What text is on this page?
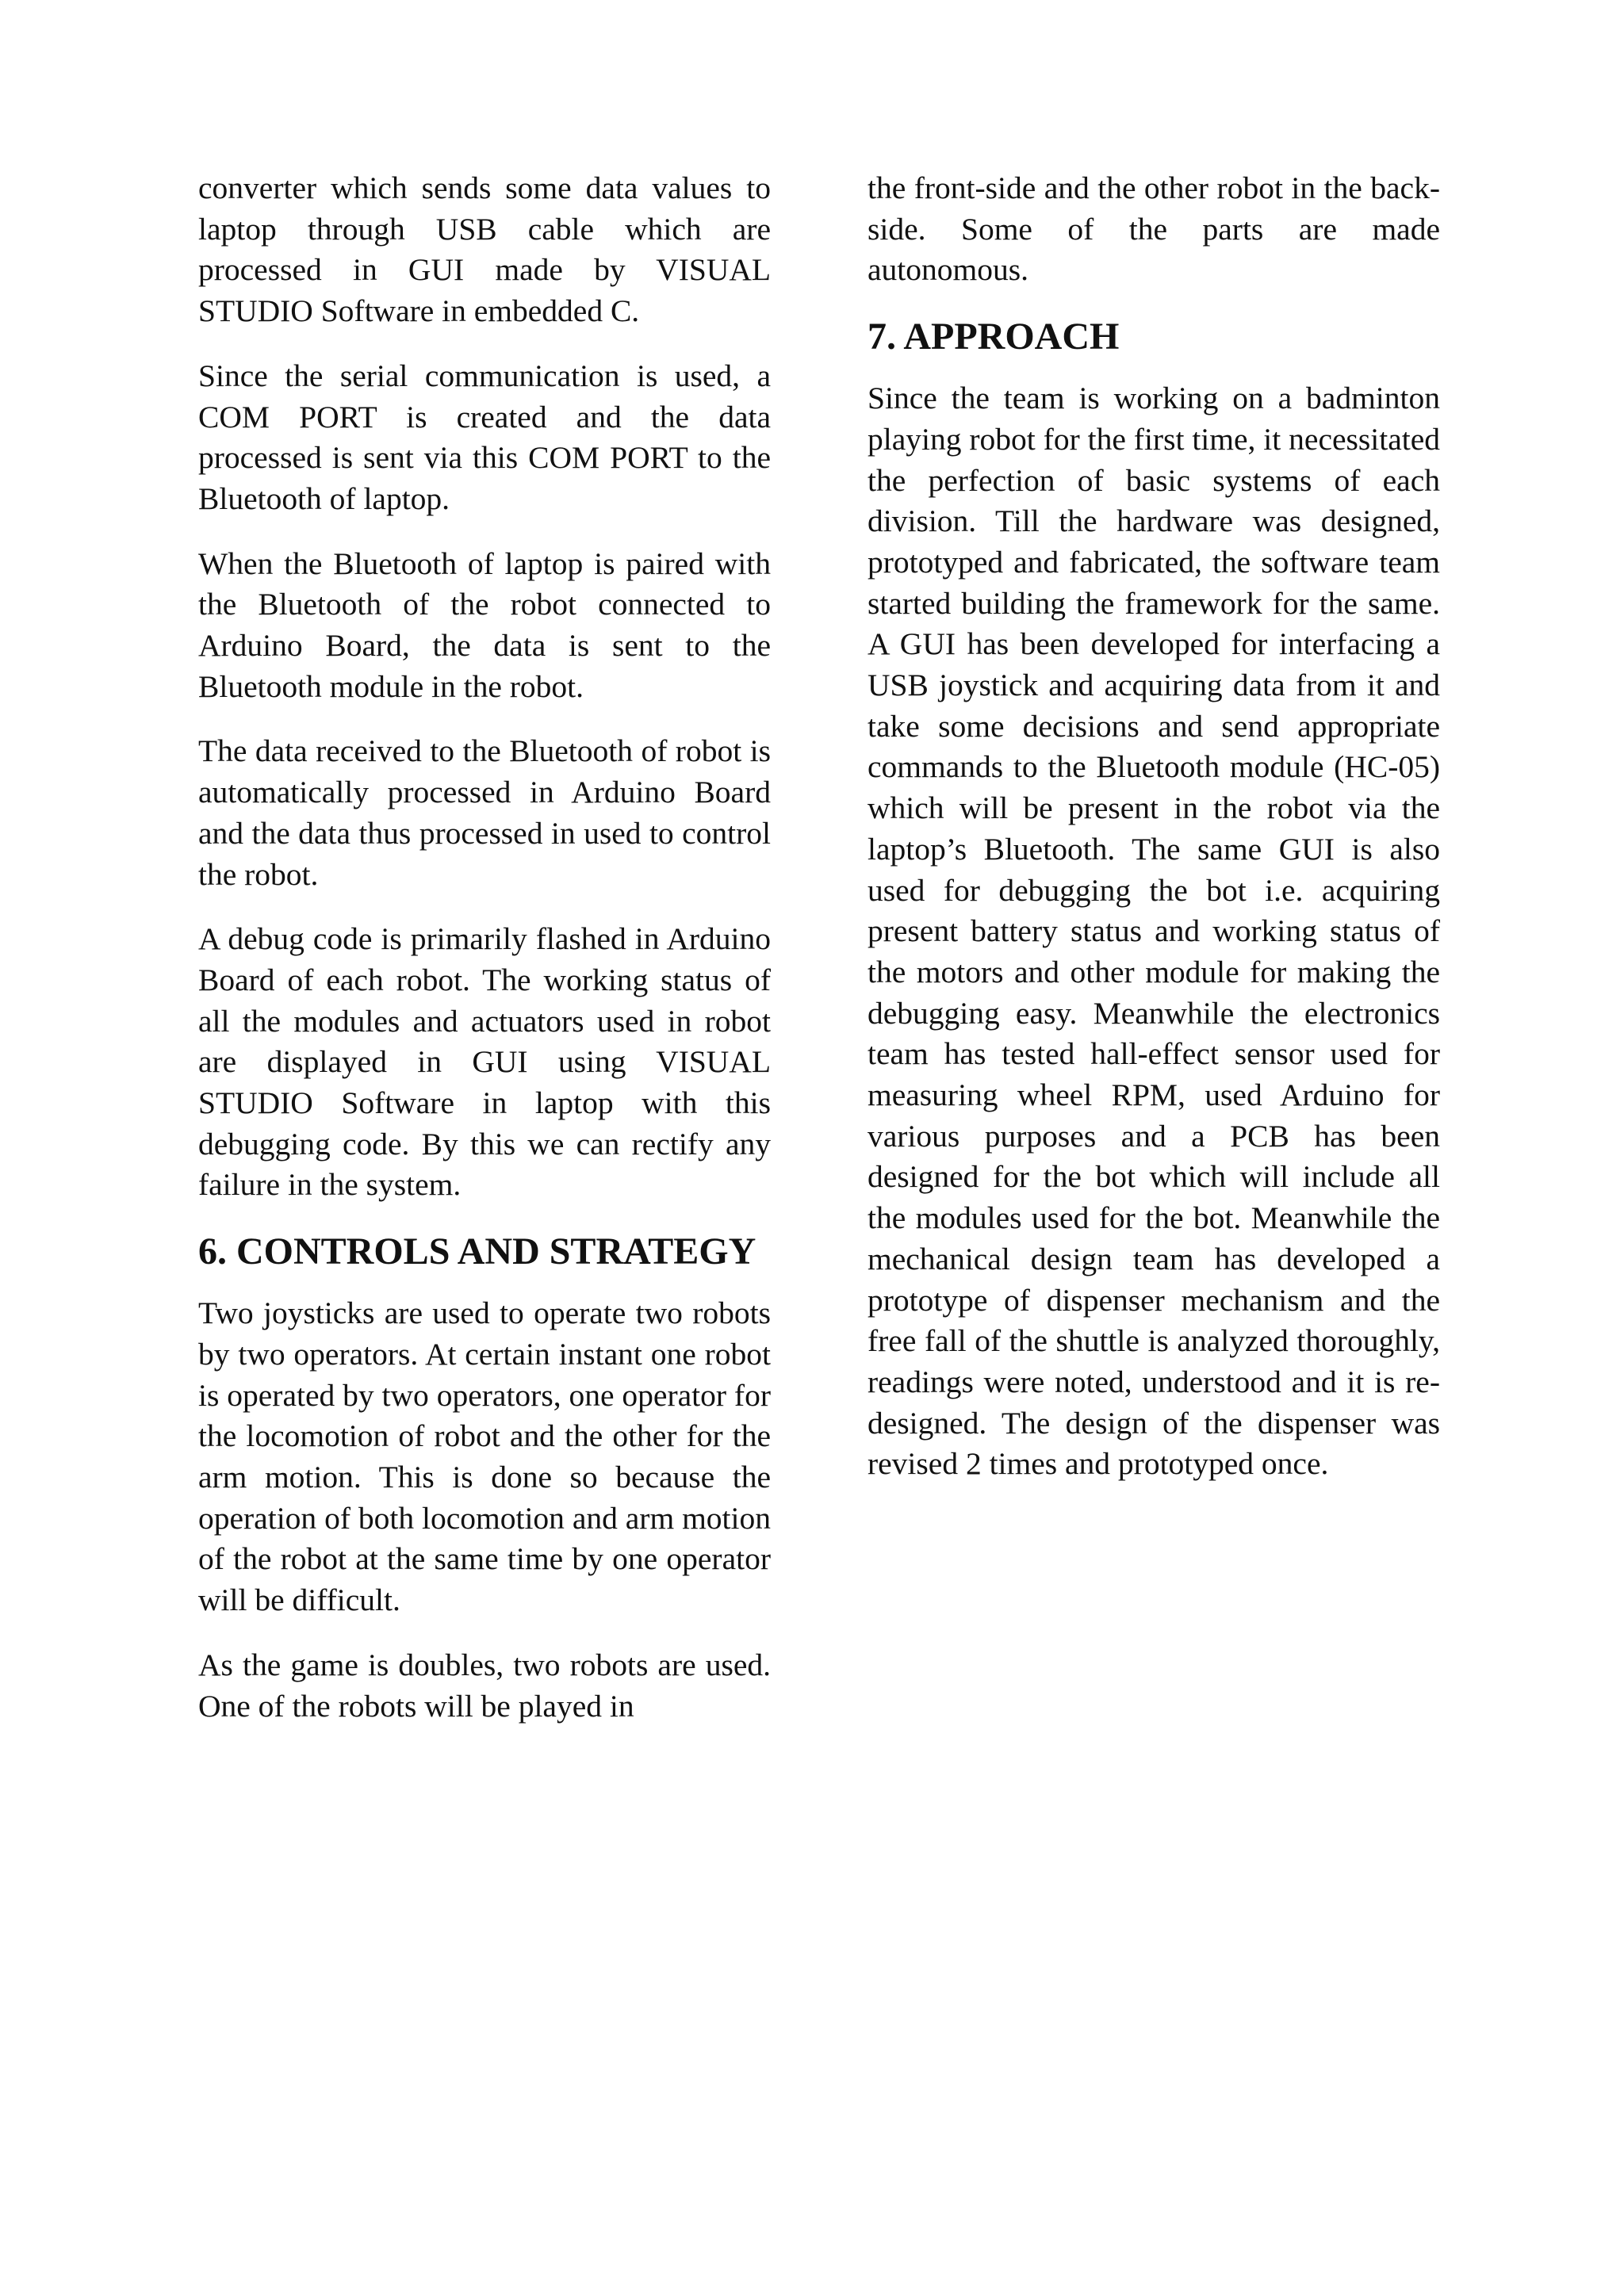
converter which sends some data values to laptop through USB cable which are processed in GUI made by VISUAL STUDIO Software in embedded C.

Since the serial communication is used, a COM PORT is created and the data processed is sent via this COM PORT to the Bluetooth of laptop.

When the Bluetooth of laptop is paired with the Bluetooth of the robot connected to Arduino Board, the data is sent to the Bluetooth module in the robot.

The data received to the Bluetooth of robot is automatically processed in Arduino Board and the data thus processed in used to control the robot.

A debug code is primarily flashed in Arduino Board of each robot. The working status of all the modules and actuators used in robot are displayed in GUI using VISUAL STUDIO Software in laptop with this debugging code. By this we can rectify any failure in the system.

6. CONTROLS AND STRATEGY

Two joysticks are used to operate two robots by two operators. At certain instant one robot is operated by two operators, one operator for the locomotion of robot and the other for the arm motion. This is done so because the operation of both locomotion and arm motion of the robot at the same time by one operator will be difficult.

As the game is doubles, two robots are used. One of the robots will be played in

the front-side and the other robot in the back-side. Some of the parts are made autonomous.

7. APPROACH

Since the team is working on a badminton playing robot for the first time, it necessitated the perfection of basic systems of each division. Till the hardware was designed, prototyped and fabricated, the software team started building the framework for the same. A GUI has been developed for interfacing a USB joystick and acquiring data from it and take some decisions and send appropriate commands to the Bluetooth module (HC-05) which will be present in the robot via the laptop’s Bluetooth. The same GUI is also used for debugging the bot i.e. acquiring present battery status and working status of the motors and other module for making the debugging easy. Meanwhile the electronics team has tested hall-effect sensor used for measuring wheel RPM, used Arduino for various purposes and a PCB has been designed for the bot which will include all the modules used for the bot. Meanwhile the mechanical design team has developed a prototype of dispenser mechanism and the free fall of the shuttle is analyzed thoroughly, readings were noted, understood and it is re-designed. The design of the dispenser was revised 2 times and prototyped once.
